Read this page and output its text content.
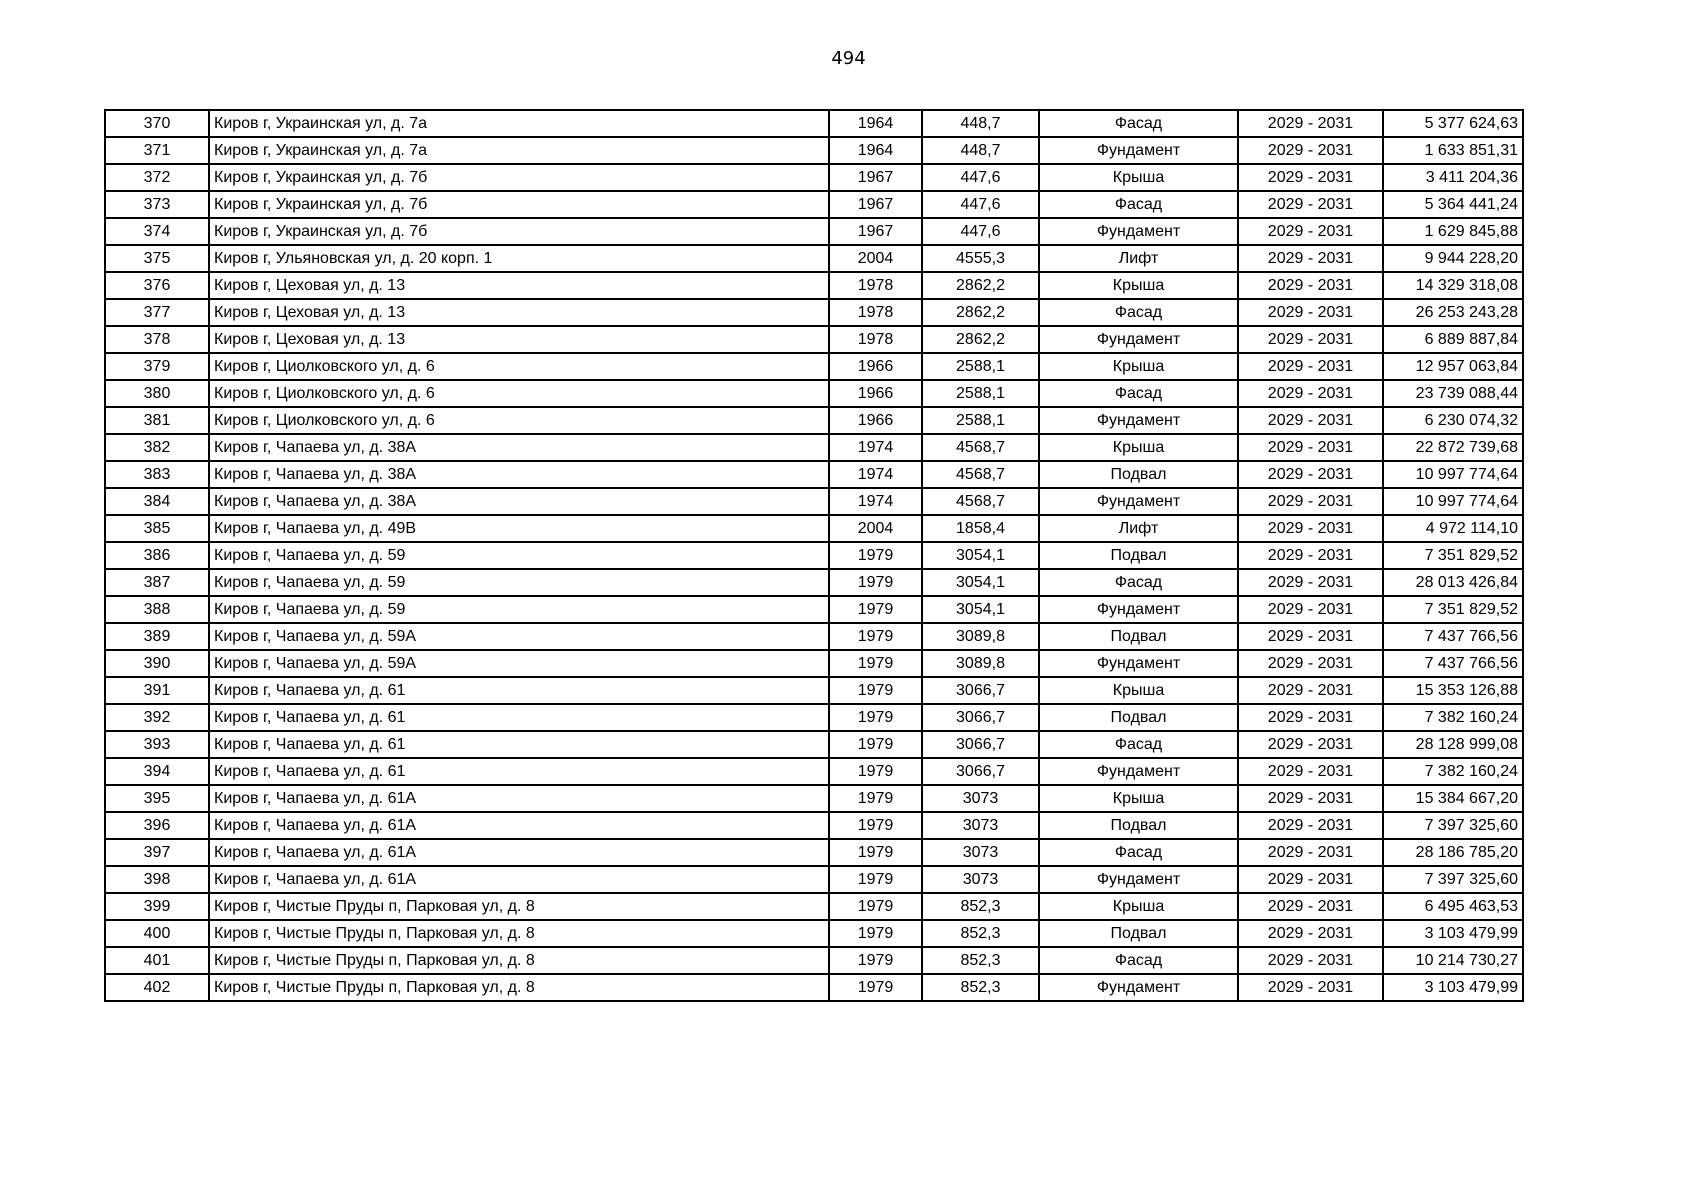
494
370	Киров г, Украинская ул, д. 7а	1964	448,7	Фасад	2029 - 2031	5 377 624,63
371	Киров г, Украинская ул, д. 7а	1964	448,7	Фундамент	2029 - 2031	1 633 851,31
372	Киров г, Украинская ул, д. 7б	1967	447,6	Крыша	2029 - 2031	3 411 204,36
373	Киров г, Украинская ул, д. 7б	1967	447,6	Фасад	2029 - 2031	5 364 441,24
374	Киров г, Украинская ул, д. 7б	1967	447,6	Фундамент	2029 - 2031	1 629 845,88
375	Киров г, Ульяновская ул, д. 20 корп. 1	2004	4555,3	Лифт	2029 - 2031	9 944 228,20
376	Киров г, Цеховая ул, д. 13	1978	2862,2	Крыша	2029 - 2031	14 329 318,08
377	Киров г, Цеховая ул, д. 13	1978	2862,2	Фасад	2029 - 2031	26 253 243,28
378	Киров г, Цеховая ул, д. 13	1978	2862,2	Фундамент	2029 - 2031	6 889 887,84
379	Киров г, Циолковского ул, д. 6	1966	2588,1	Крыша	2029 - 2031	12 957 063,84
380	Киров г, Циолковского ул, д. 6	1966	2588,1	Фасад	2029 - 2031	23 739 088,44
381	Киров г, Циолковского ул, д. 6	1966	2588,1	Фундамент	2029 - 2031	6 230 074,32
382	Киров г, Чапаева ул, д. 38А	1974	4568,7	Крыша	2029 - 2031	22 872 739,68
383	Киров г, Чапаева ул, д. 38А	1974	4568,7	Подвал	2029 - 2031	10 997 774,64
384	Киров г, Чапаева ул, д. 38А	1974	4568,7	Фундамент	2029 - 2031	10 997 774,64
385	Киров г, Чапаева ул, д. 49В	2004	1858,4	Лифт	2029 - 2031	4 972 114,10
386	Киров г, Чапаева ул, д. 59	1979	3054,1	Подвал	2029 - 2031	7 351 829,52
387	Киров г, Чапаева ул, д. 59	1979	3054,1	Фасад	2029 - 2031	28 013 426,84
388	Киров г, Чапаева ул, д. 59	1979	3054,1	Фундамент	2029 - 2031	7 351 829,52
389	Киров г, Чапаева ул, д. 59А	1979	3089,8	Подвал	2029 - 2031	7 437 766,56
390	Киров г, Чапаева ул, д. 59А	1979	3089,8	Фундамент	2029 - 2031	7 437 766,56
391	Киров г, Чапаева ул, д. 61	1979	3066,7	Крыша	2029 - 2031	15 353 126,88
392	Киров г, Чапаева ул, д. 61	1979	3066,7	Подвал	2029 - 2031	7 382 160,24
393	Киров г, Чапаева ул, д. 61	1979	3066,7	Фасад	2029 - 2031	28 128 999,08
394	Киров г, Чапаева ул, д. 61	1979	3066,7	Фундамент	2029 - 2031	7 382 160,24
395	Киров г, Чапаева ул, д. 61А	1979	3073	Крыша	2029 - 2031	15 384 667,20
396	Киров г, Чапаева ул, д. 61А	1979	3073	Подвал	2029 - 2031	7 397 325,60
397	Киров г, Чапаева ул, д. 61А	1979	3073	Фасад	2029 - 2031	28 186 785,20
398	Киров г, Чапаева ул, д. 61А	1979	3073	Фундамент	2029 - 2031	7 397 325,60
399	Киров г, Чистые Пруды п, Парковая ул, д. 8	1979	852,3	Крыша	2029 - 2031	6 495 463,53
400	Киров г, Чистые Пруды п, Парковая ул, д. 8	1979	852,3	Подвал	2029 - 2031	3 103 479,99
401	Киров г, Чистые Пруды п, Парковая ул, д. 8	1979	852,3	Фасад	2029 - 2031	10 214 730,27
402	Киров г, Чистые Пруды п, Парковая ул, д. 8	1979	852,3	Фундамент	2029 - 2031	3 103 479,99
